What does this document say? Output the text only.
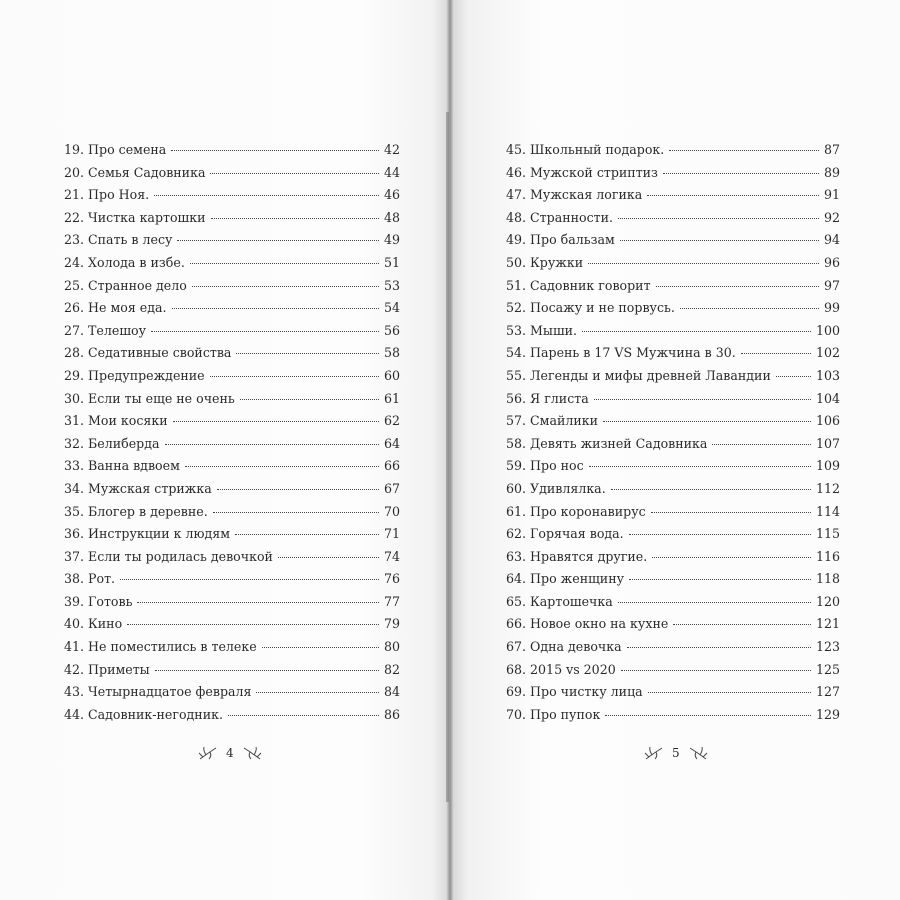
19. Про семена	42
20. Семья Садовника	44
21. Про Ноя.	46
22. Чистка картошки	48
23. Спать в лесу	49
24. Холода в избе.	51
25. Странное дело	53
26. Не моя еда.	54
27. Телешоу	56
28. Седативные свойства	58
29. Предупреждение	60
30. Если ты еще не очень	61
31. Мои косяки	62
32. Белиберда	64
33. Ванна вдвоем	66
34. Мужская стрижка	67
35. Блогер в деревне.	70
36. Инструкции к людям	71
37. Если ты родилась девочкой	74
38. Рот.	76
39. Готовь	77
40. Кино	79
41. Не поместились в телеке	80
42. Приметы	82
43. Четырнадцатое февраля	84
44. Садовник-негодник.	86
45. Школьный подарок.	87
46. Мужской стриптиз	89
47. Мужская логика	91
48. Странности.	92
49. Про бальзам	94
50. Кружки	96
51. Садовник говорит	97
52. Посажу и не порвусь.	99
53. Мыши.	100
54. Парень в 17 VS Мужчина в 30.	102
55. Легенды и мифы древней Лавандии	103
56. Я глиста	104
57. Смайлики	106
58. Девять жизней Садовника	107
59. Про нос	109
60. Удивлялка.	112
61. Про коронавирус	114
62. Горячая вода.	115
63. Нравятся другие.	116
64. Про женщину	118
65. Картошечка	120
66. Новое окно на кухне	121
67. Одна девочка	123
68. 2015 vs 2020	125
69. Про чистку лица	127
70. Про пупок	129
4	5
